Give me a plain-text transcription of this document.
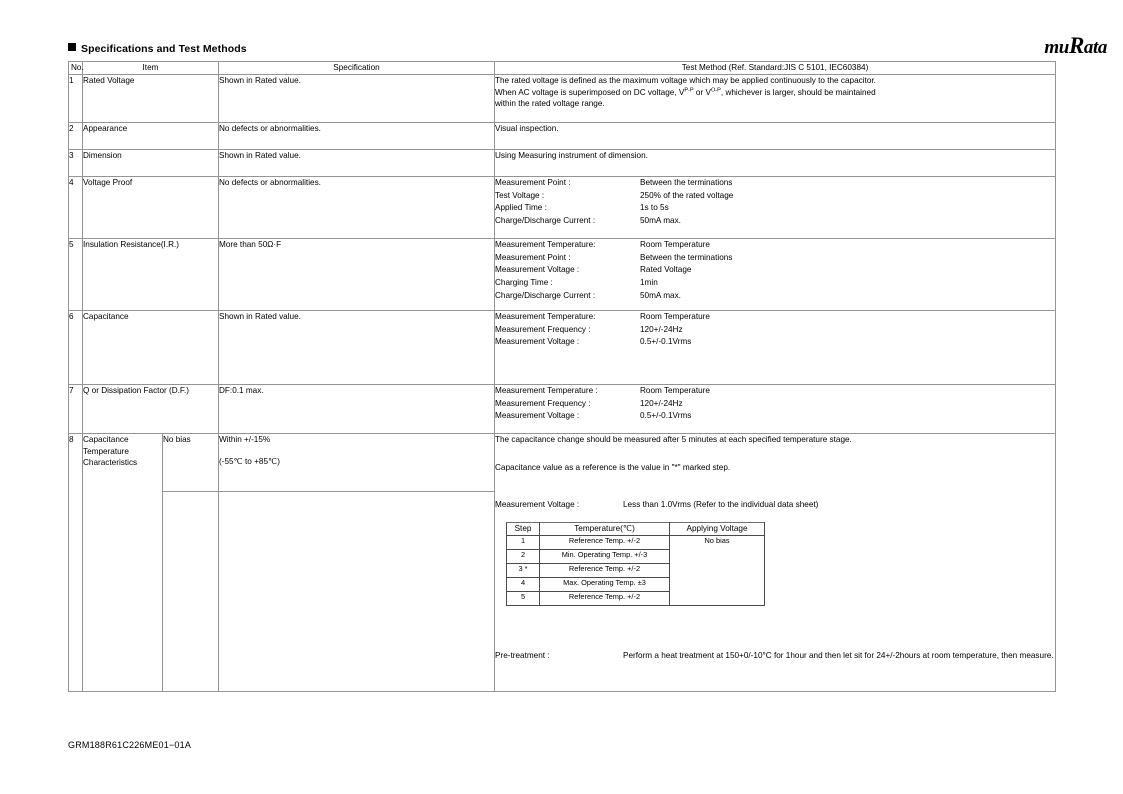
muRata
Specifications and Test Methods
No.	Item	Specification	Test Method (Ref. Standard:JIS C 5101, IEC60384)
1	Rated Voltage	Shown in Rated value.	The rated voltage is defined as the maximum voltage which may be applied continuously to the capacitor.
When AC voltage is superimposed on DC voltage, $V^{P-P}$ or $V^{O-P}$, whichever is larger, should be maintained
within the rated voltage range.

2	Appearance	No defects or abnormalities.	Visual inspection.
3	Dimension	Shown in Rated value.	Using Measuring instrument of dimension.
4	Voltage Proof	No defects or abnormalities.		Measurement Point :	Between the terminations
Test Voltage :	250% of the rated voltage
Applied Time :	1s to 5s
Charge/Discharge Current :	50mA max.

5	Insulation Resistance(I.R.)	More than 50Ω·F		Measurement Temperature:	Room Temperature
Measurement Point :	Between the terminations
Measurement Voltage :	Rated Voltage
Charging Time :	1min
Charge/Discharge Current :	50mA max.

6	Capacitance	Shown in Rated value.		Measurement Temperature:	Room Temperature
Measurement Frequency :	120+/-24Hz
Measurement Voltage :	0.5+/-0.1Vrms

7	Q or Dissipation Factor (D.F.)	DF:0.1 max.		Measurement Temperature :	Room Temperature
Measurement Frequency :	120+/-24Hz
Measurement Voltage :	0.5+/-0.1Vrms

8	Capacitance
Temperature
Characteristics
	No bias	Within +/-15%
(-55℃ to +85℃)

The capacitance change should be measured after 5 minutes at each specified temperature stage.
Capacitance value as a reference is the value in "*" marked step.
Measurement Voltage :	Less than 1.0Vrms (Refer to the individual data sheet)
Step	Temperature(℃)	Applying Voltage
1	Reference Temp. +/-2	No bias
2	Min. Operating Temp. +/-3
3 *	Reference Temp. +/-2
4	Max. Operating Temp. ±3
5	Reference Temp. +/-2
Pre-treatment :	Perform a heat treatment at 150+0/-10°C for 1hour and then let sit for 24+/-2hours at room temperature, then measure.

GRM188R61C226ME01−01A
